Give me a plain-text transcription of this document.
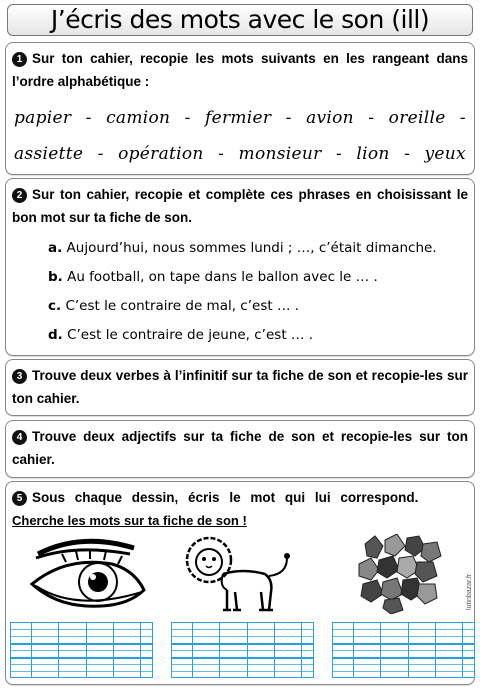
J’écris des mots avec le son (ill)
1 Sur ton cahier, recopie les mots suivants en les rangeant dans l’ordre alphabétique :
papier - camion - fermier - avion - oreille -
assiette - opération - monsieur - lion - yeux
2 Sur ton cahier, recopie et complète ces phrases en choisissant le bon mot sur ta fiche de son.
a. Aujourd’hui, nous sommes lundi ; …, c’était dimanche.
b. Au football, on tape dans le ballon avec le … .
c. C’est le contraire de mal, c’est … .
d. C’est le contraire de jeune, c’est … .
3 Trouve deux verbes à l’infinitif sur ta fiche de son et recopie-les sur ton cahier.
4 Trouve deux adjectifs sur ta fiche de son et recopie-les sur ton cahier.
5 Sous chaque dessin, écris le mot qui lui correspond.
Cherche les mots sur ta fiche de son !
lutinbazar.fr
